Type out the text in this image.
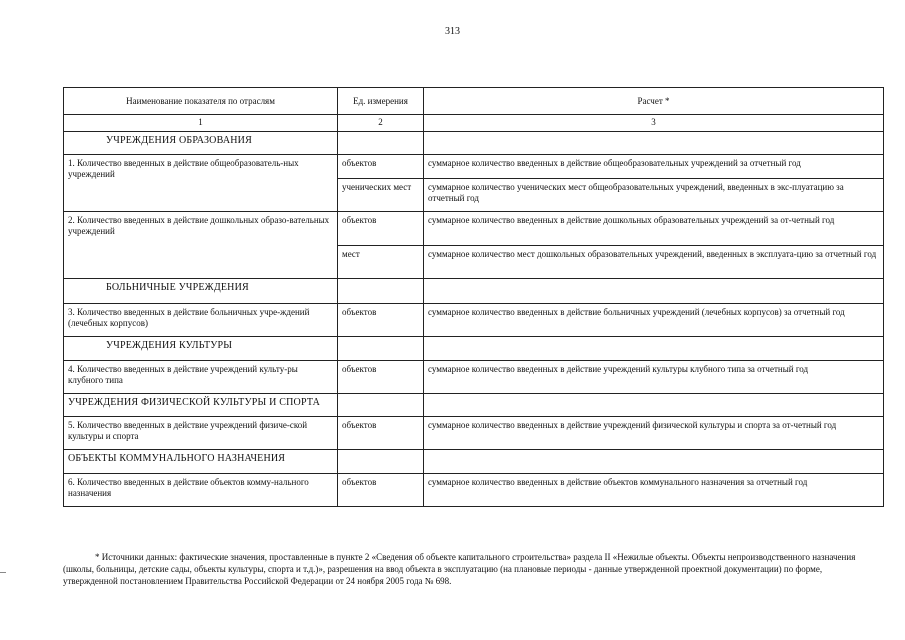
313
Наименование показателя по отраслям	Ед. измерения	Расчет *
1	2	3
УЧРЕЖДЕНИЯ ОБРАЗОВАНИЯ		
1. Количество введенных в действие общеобразователь-ных учреждений	объектов	суммарное количество введенных в действие общеобразовательных учреждений за отчетный год
	ученических мест	суммарное количество ученических мест общеобразовательных учреждений, введенных в экс-плуатацию за отчетный год
2. Количество введенных в действие дошкольных образо-вательных учреждений	объектов	суммарное количество введенных в действие дошкольных образовательных учреждений за от-четный год
	мест	суммарное количество мест дошкольных образовательных учреждений, введенных в эксплуата-цию за отчетный год
БОЛЬНИЧНЫЕ УЧРЕЖДЕНИЯ		
3. Количество введенных в действие больничных учре-ждений (лечебных корпусов)	объектов	суммарное количество введенных в действие больничных учреждений (лечебных корпусов) за отчетный год
УЧРЕЖДЕНИЯ КУЛЬТУРЫ		
4. Количество введенных в действие учреждений культу-ры клубного типа	объектов	суммарное количество введенных в действие учреждений культуры клубного типа за отчетный год
УЧРЕЖДЕНИЯ ФИЗИЧЕСКОЙ КУЛЬТУРЫ И СПОРТА		
5. Количество введенных в действие учреждений физиче-ской культуры и спорта	объектов	суммарное количество введенных в действие учреждений физической культуры и спорта за от-четный год
ОБЪЕКТЫ КОММУНАЛЬНОГО НАЗНАЧЕНИЯ		
6. Количество введенных в действие объектов комму-нального назначения	объектов	суммарное количество введенных в действие объектов коммунального назначения за отчетный год
* Источники данных: фактические значения, проставленные в пункте 2 «Сведения об объекте капитального строительства» раздела II «Нежилые объекты. Объекты непроизводственного назначения (школы, больницы, детские сады, объекты культуры, спорта и т.д.)», разрешения на ввод объекта в эксплуатацию (на плановые периоды - данные утвержденной проектной документации) по форме, утвержденной постановлением Правительства Российской Федерации от 24 ноября 2005 года № 698.
